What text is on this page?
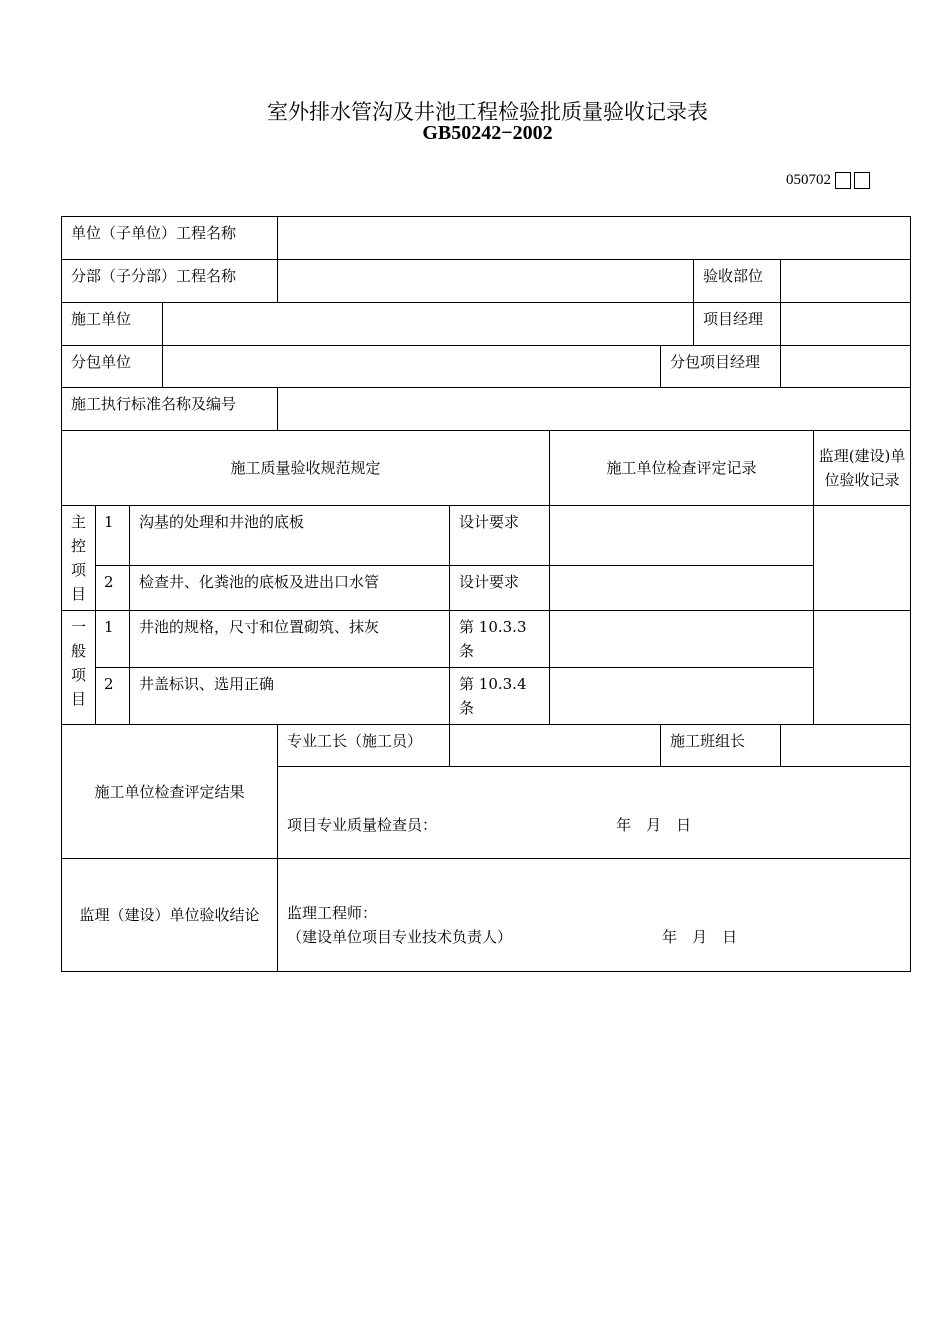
室外排水管沟及井池工程检验批质量验收记录表
GB50242−2002
050702
单位（子单位）工程名称										
分部（子分部）工程名称								验收部位		
施工单位								项目经理		
分包单位							分包项目经理			
施工执行标准名称及编号										
施工质量验收规范规定						施工单位检查评定记录				监理(建设)单位验收记录

主
控
项
目	1	沟基的处理和井池的底板			设计要求					
	2	检查井、化粪池的底板及进出口水管			设计要求					

一
般
项
目	1	井池的规格，尺寸和位置砌筑、抹灰			第 10.3.3 条					
	2	井盖标识、选用正确			第 10.3.4 条					
施工单位检查评定结果				专业工长（施工员）			施工班组长			

				项目专业质量检查员： 年　月　日						

监理（建设）单位验收结论				监理工程师：
（建设单位项目专业技术负责人） 年　月　日						
